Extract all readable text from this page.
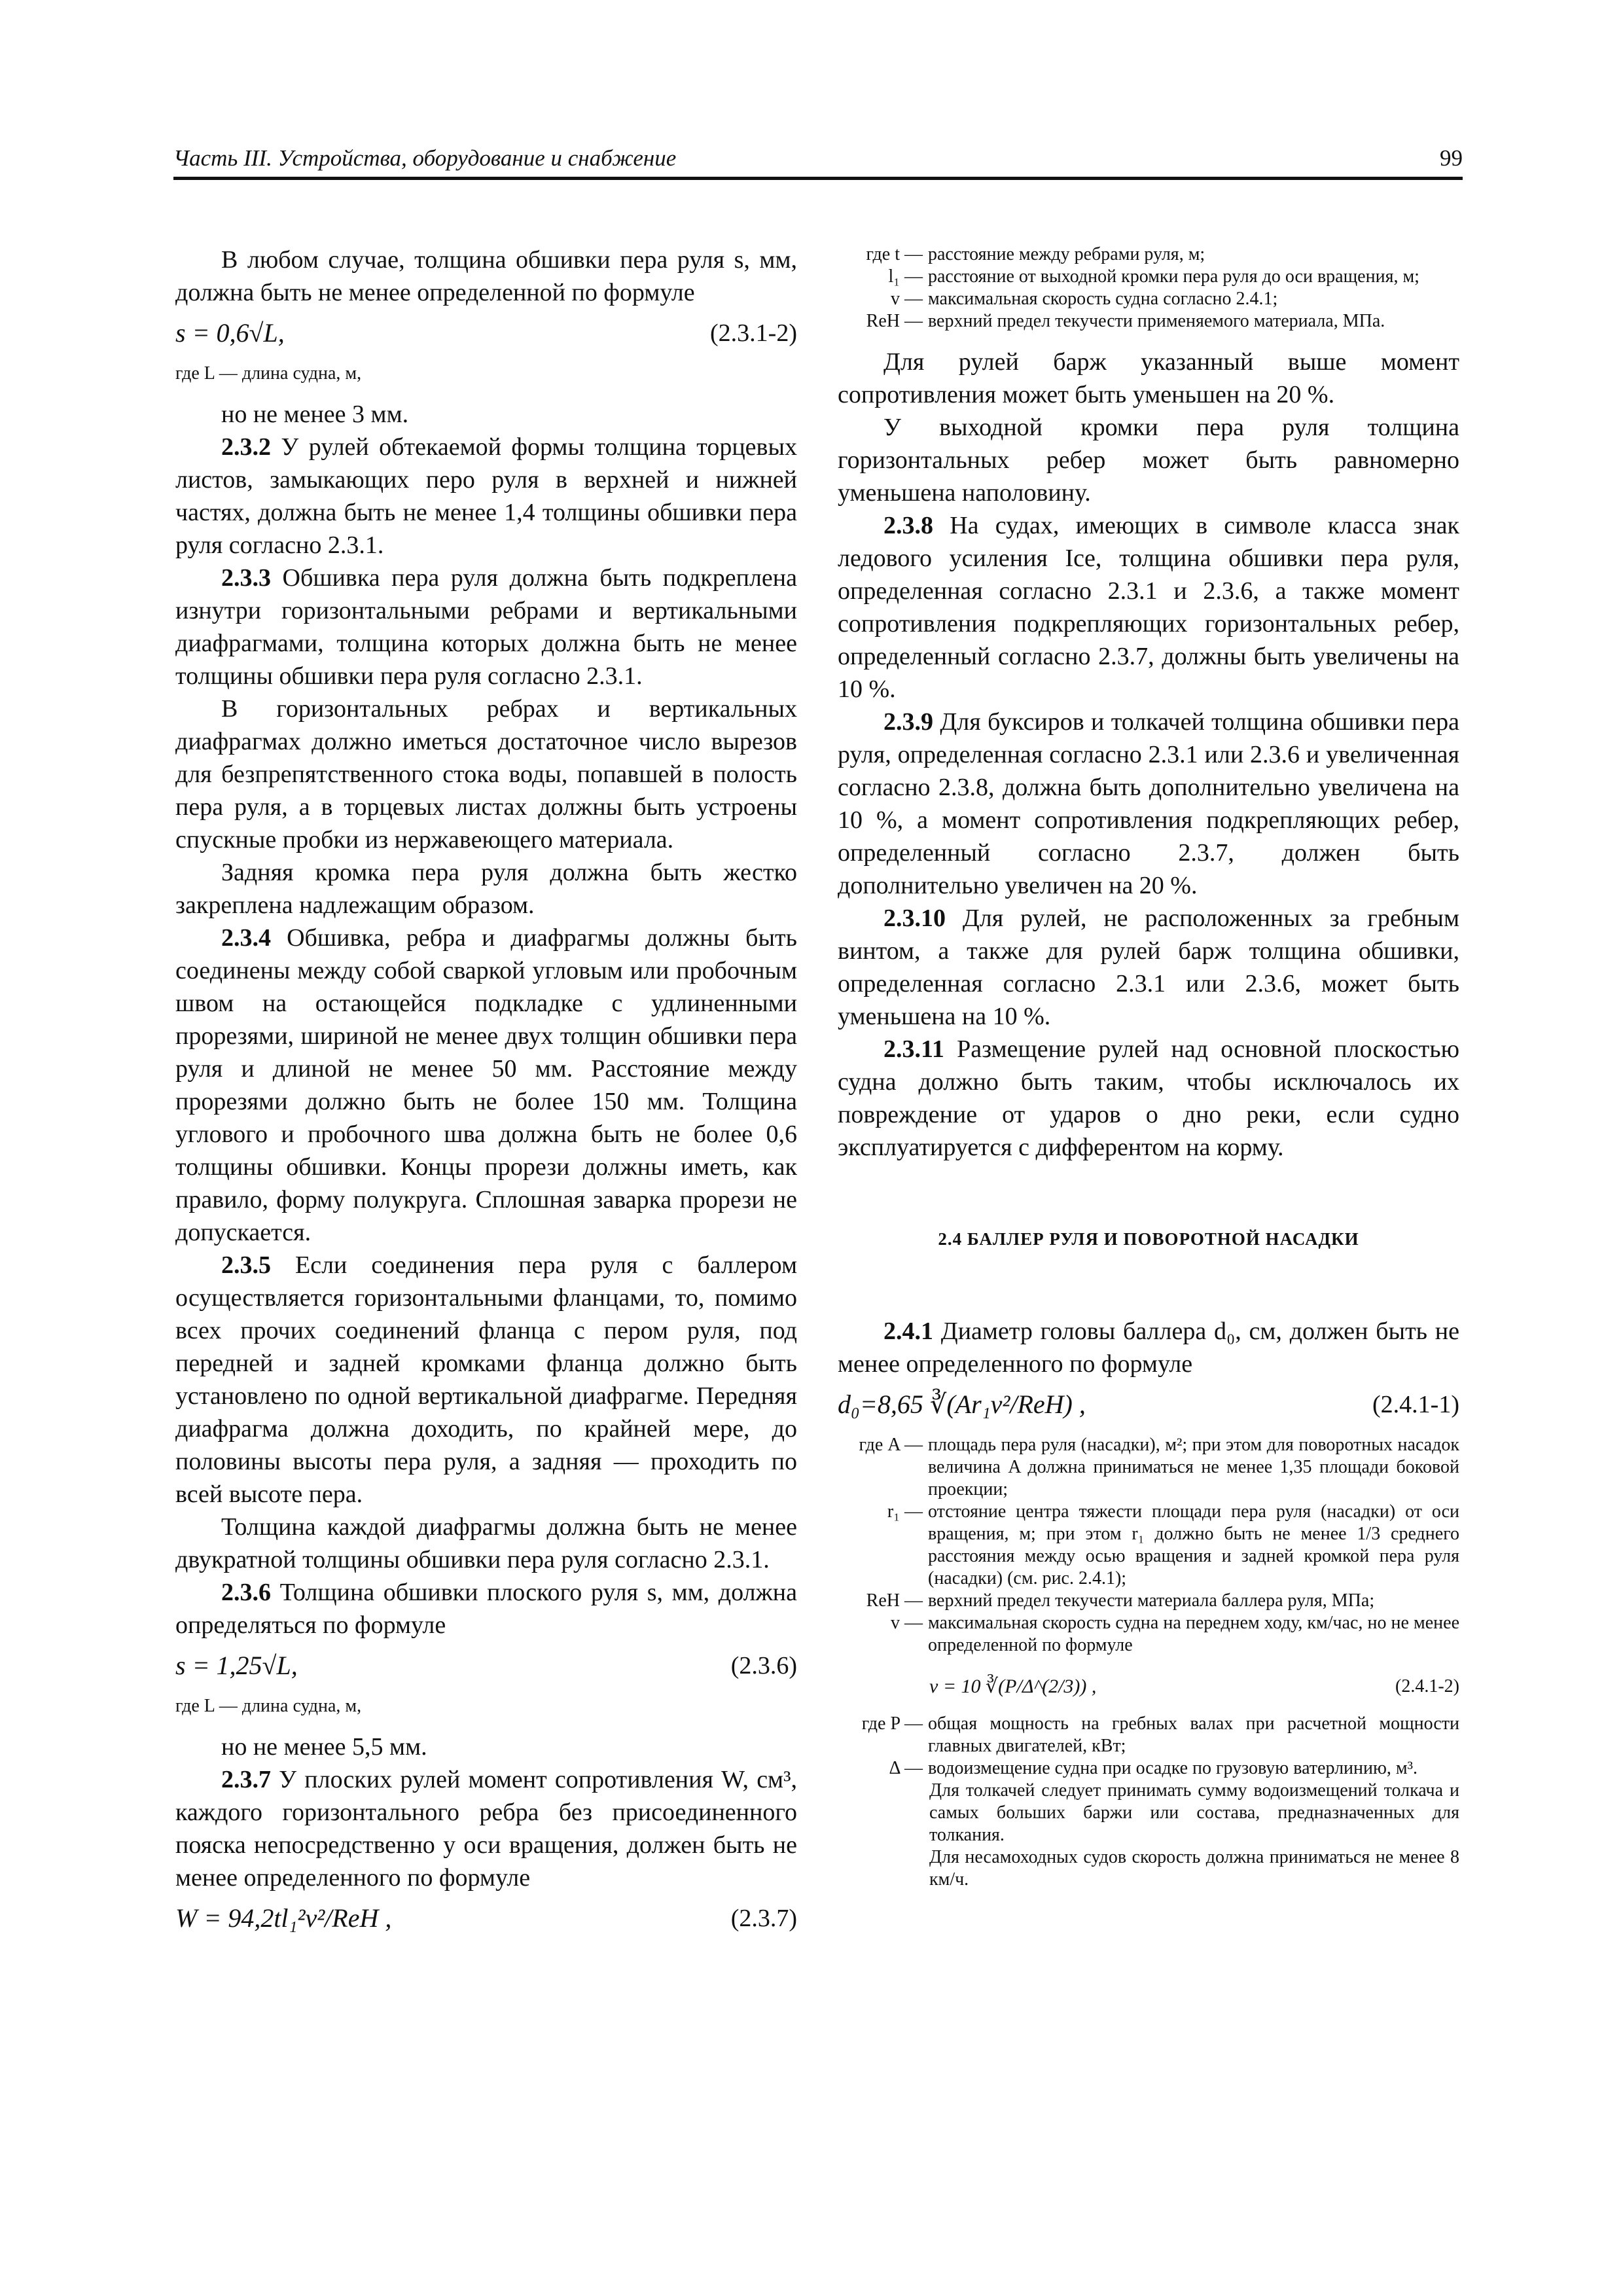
Часть III. Устройства, оборудование и снабжение	99

В любом случае, толщина обшивки пера руля s, мм, должна быть не менее определенной по формуле

s = 0,6√L,	(2.3.1-2)
где L — длина судна, м,

но не менее 3 мм.

2.3.2 У рулей обтекаемой формы толщина торцевых листов, замыкающих перо руля в верхней и нижней частях, должна быть не менее 1,4 толщины обшивки пера руля согласно 2.3.1.

2.3.3 Обшивка пера руля должна быть подкреплена изнутри горизонтальными ребрами и вертикальными диафрагмами, толщина которых должна быть не менее толщины обшивки пера руля согласно 2.3.1.

В горизонтальных ребрах и вертикальных диафрагмах должно иметься достаточное число вырезов для безпрепятственного стока воды, попавшей в полость пера руля, а в торцевых листах должны быть устроены спускные пробки из нержавеющего материала.

Задняя кромка пера руля должна быть жестко закреплена надлежащим образом.

2.3.4 Обшивка, ребра и диафрагмы должны быть соединены между собой сваркой угловым или пробочным швом на остающейся подкладке с удлиненными прорезями, шириной не менее двух толщин обшивки пера руля и длиной не менее 50 мм. Расстояние между прорезями должно быть не более 150 мм. Толщина углового и пробочного шва должна быть не более 0,6 толщины обшивки. Концы прорези должны иметь, как правило, форму полукруга. Сплошная заварка прорези не допускается.

2.3.5 Если соединения пера руля с баллером осуществляется горизонтальными фланцами, то, помимо всех прочих соединений фланца с пером руля, под передней и задней кромками фланца должно быть установлено по одной вертикальной диафрагме. Передняя диафрагма должна доходить, по крайней мере, до половины высоты пера руля, а задняя — проходить по всей высоте пера.

Толщина каждой диафрагмы должна быть не менее двукратной толщины обшивки пера руля согласно 2.3.1.

2.3.6 Толщина обшивки плоского руля s, мм, должна определяться по формуле

s = 1,25√L,	(2.3.6)
где L — длина судна, м,

но не менее 5,5 мм.

2.3.7 У плоских рулей момент сопротивления W, см³, каждого горизонтального ребра без присоединенного пояска непосредственно у оси вращения, должен быть не менее определенного по формуле

W = 94,2tl₁²v²/ReH ,	(2.3.7)
где t — расстояние между ребрами руля, м;
l₁ — расстояние от выходной кромки пера руля до оси вращения, м;
v — максимальная скорость судна согласно 2.4.1;
ReH — верхний предел текучести применяемого материала, МПа.

Для рулей барж указанный выше момент сопротивления может быть уменьшен на 20 %.

У выходной кромки пера руля толщина горизонтальных ребер может быть равномерно уменьшена наполовину.

2.3.8 На судах, имеющих в символе класса знак ледового усиления Ice, толщина обшивки пера руля, определенная согласно 2.3.1 и 2.3.6, а также момент сопротивления подкрепляющих горизонтальных ребер, определенный согласно 2.3.7, должны быть увеличены на 10 %.

2.3.9 Для буксиров и толкачей толщина обшивки пера руля, определенная согласно 2.3.1 или 2.3.6 и увеличенная согласно 2.3.8, должна быть дополнительно увеличена на 10 %, а момент сопротивления подкрепляющих ребер, определенный согласно 2.3.7, должен быть дополнительно увеличен на 20 %.

2.3.10 Для рулей, не расположенных за гребным винтом, а также для рулей барж толщина обшивки, определенная согласно 2.3.1 или 2.3.6, может быть уменьшена на 10 %.

2.3.11 Размещение рулей над основной плоскостью судна должно быть таким, чтобы исключалось их повреждение от ударов о дно реки, если судно эксплуатируется с дифферентом на корму.

2.4 БАЛЛЕР РУЛЯ И ПОВОРОТНОЙ НАСАДКИ

2.4.1 Диаметр головы баллера d₀, см, должен быть не менее определенного по формуле

d₀=8,65 ∛(Ar₁v²/ReH) ,	(2.4.1-1)
где A — площадь пера руля (насадки), м²; при этом для поворотных насадок величина A должна приниматься не менее 1,35 площади боковой проекции;
r₁ — отстояние центра тяжести площади пера руля (насадки) от оси вращения, м; при этом r₁ должно быть не менее 1/3 среднего расстояния между осью вращения и задней кромкой пера руля (насадки) (см. рис. 2.4.1);
ReH — верхний предел текучести материала баллера руля, МПа;
v — максимальная скорость судна на переднем ходу, км/час, но не менее определенной по формуле
v = 10 ∛(P/Δ^(2/3)) ,	(2.4.1-2)
где P — общая мощность на гребных валах при расчетной мощности главных двигателей, кВт;
Δ — водоизмещение судна при осадке по грузовую ватерлинию, м³.
Для толкачей следует принимать сумму водоизмещений толкача и самых больших баржи или состава, предназначенных для толкания.
Для несамоходных судов скорость должна приниматься не менее 8 км/ч.
